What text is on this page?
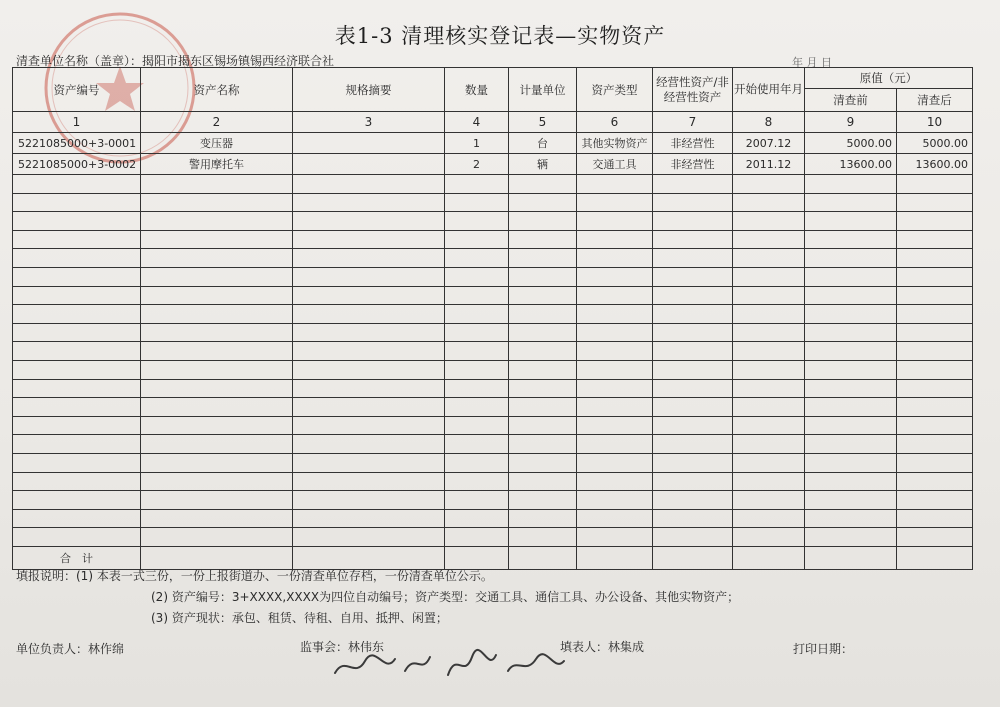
表1-3 清理核实登记表—实物资产
清查单位名称（盖章）：揭阳市揭东区锡场镇锡西经济联合社	年 月 日
资产编号	资产名称	规格摘要	数量	计量单位	资产类型	经营性资产/非经营性资产	开始使用年月	原值（元）	
								清查前	清查后
1	2	3	4	5	6	7	8	9	10
5221085000+3-0001	变压器		1	台	其他实物资产	非经营性	2007.12	5000.00	5000.00
5221085000+3-0002	警用摩托车		2	辆	交通工具	非经营性	2011.12	13600.00	13600.00

合　计									
填报说明：(1) 本表一式三份，一份上报街道办、一份清查单位存档，一份清查单位公示。
(2) 资产编号：3+XXXX,XXXX为四位自动编号；资产类型：交通工具、通信工具、办公设备、其他实物资产；
(3) 资产现状：承包、租赁、待租、自用、抵押、闲置；
单位负责人：林作绵	监事会：林伟东	填表人：林集成	打印日期：
